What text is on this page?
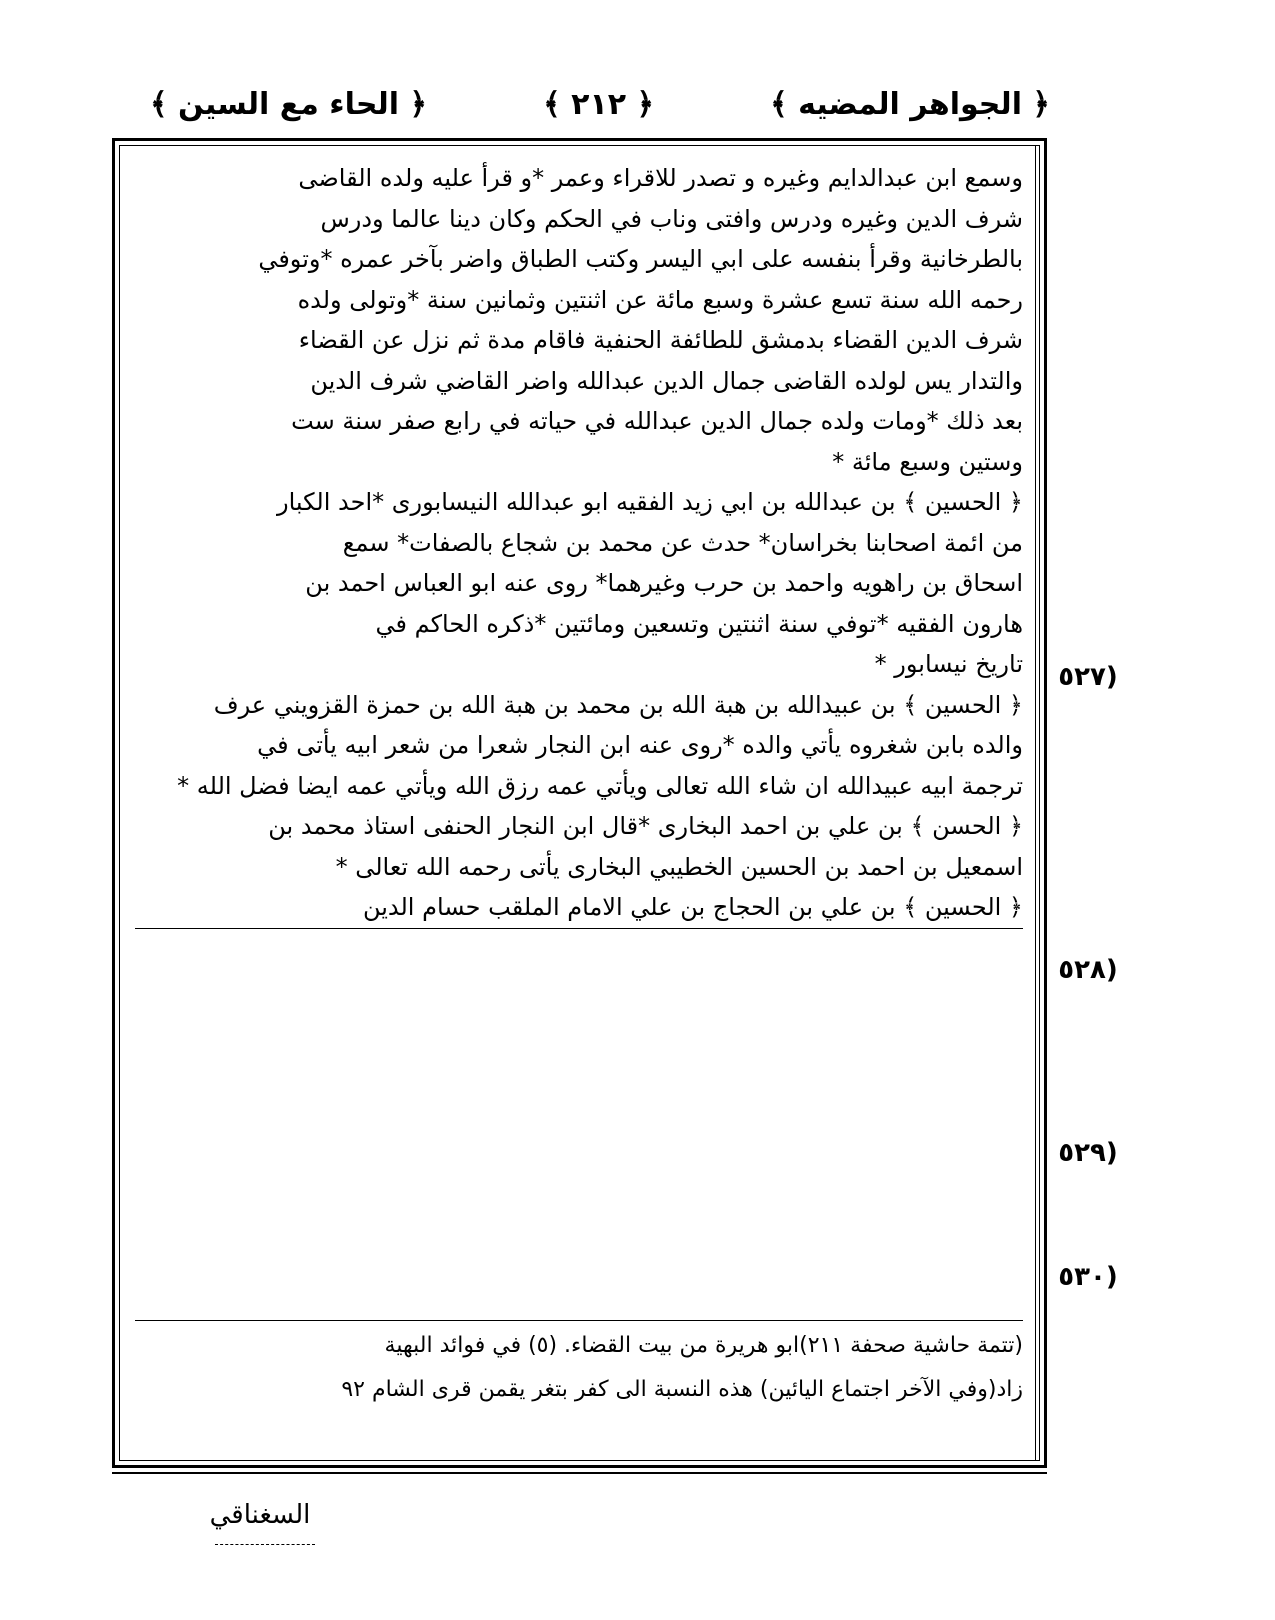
﴿ الجواهر المضيه ﴾
﴿ ٢١٢ ﴾
﴿ الحاء مع السين ﴾
وسمع ابن عبدالدايم وغيره و تصدر للاقراء وعمر *و قرأ عليه ولده القاضى
شرف الدين وغيره ودرس وافتى وناب في الحكم وكان دينا عالما ودرس
بالطرخانية وقرأ بنفسه على ابي اليسر وكتب الطباق واضر بآخر عمره *وتوفي
رحمه الله سنة تسع عشرة وسبع مائة عن اثنتين وثمانين سنة *وتولى ولده
شرف الدين القضاء بدمشق للطائفة الحنفية فاقام مدة ثم نزل عن القضاء
والتدار يس لولده القاضى جمال الدين عبدالله واضر القاضي شرف الدين
بعد ذلك *ومات ولده جمال الدين عبدالله في حياته في رابع صفر سنة ست
وستين وسبع مائة *
﴿ الحسين ﴾ بن عبدالله بن ابي زيد الفقيه ابو عبدالله النيسابورى *احد الكبار
من ائمة اصحابنا بخراسان* حدث عن محمد بن شجاع بالصفات* سمع
اسحاق بن راهويه واحمد بن حرب وغيرهما* روى عنه ابو العباس احمد بن
هارون الفقيه *توفي سنة اثنتين وتسعين ومائتين *ذكره الحاكم في
تاريخ نيسابور *
﴿ الحسين ﴾ بن عبيدالله بن هبة الله بن محمد بن هبة الله بن حمزة القزويني عرف
والده بابن شغروه يأتي والده *روى عنه ابن النجار شعرا من شعر ابيه يأتى في
ترجمة ابيه عبيدالله ان شاء الله تعالى ويأتي عمه رزق الله ويأتي عمه ايضا فضل الله *
﴿ الحسن ﴾ بن علي بن احمد البخارى *قال ابن النجار الحنفى استاذ محمد بن
اسمعيل بن احمد بن الحسين الخطيبي البخارى يأتى رحمه الله تعالى *
﴿ الحسين ﴾ بن علي بن الحجاج بن علي الامام الملقب حسام الدين
(٥٢٧
(٥٢٨
(٥٢٩
(٥٣٠
(تتمة حاشية صحفة ٢١١)ابو هريرة من بيت القضاء. (٥) في فوائد البهية
زاد(وفي الآخر اجتماع اليائين) هذه النسبة الى كفر بتغر يقمن قرى الشام ٩٢
السغناقي
